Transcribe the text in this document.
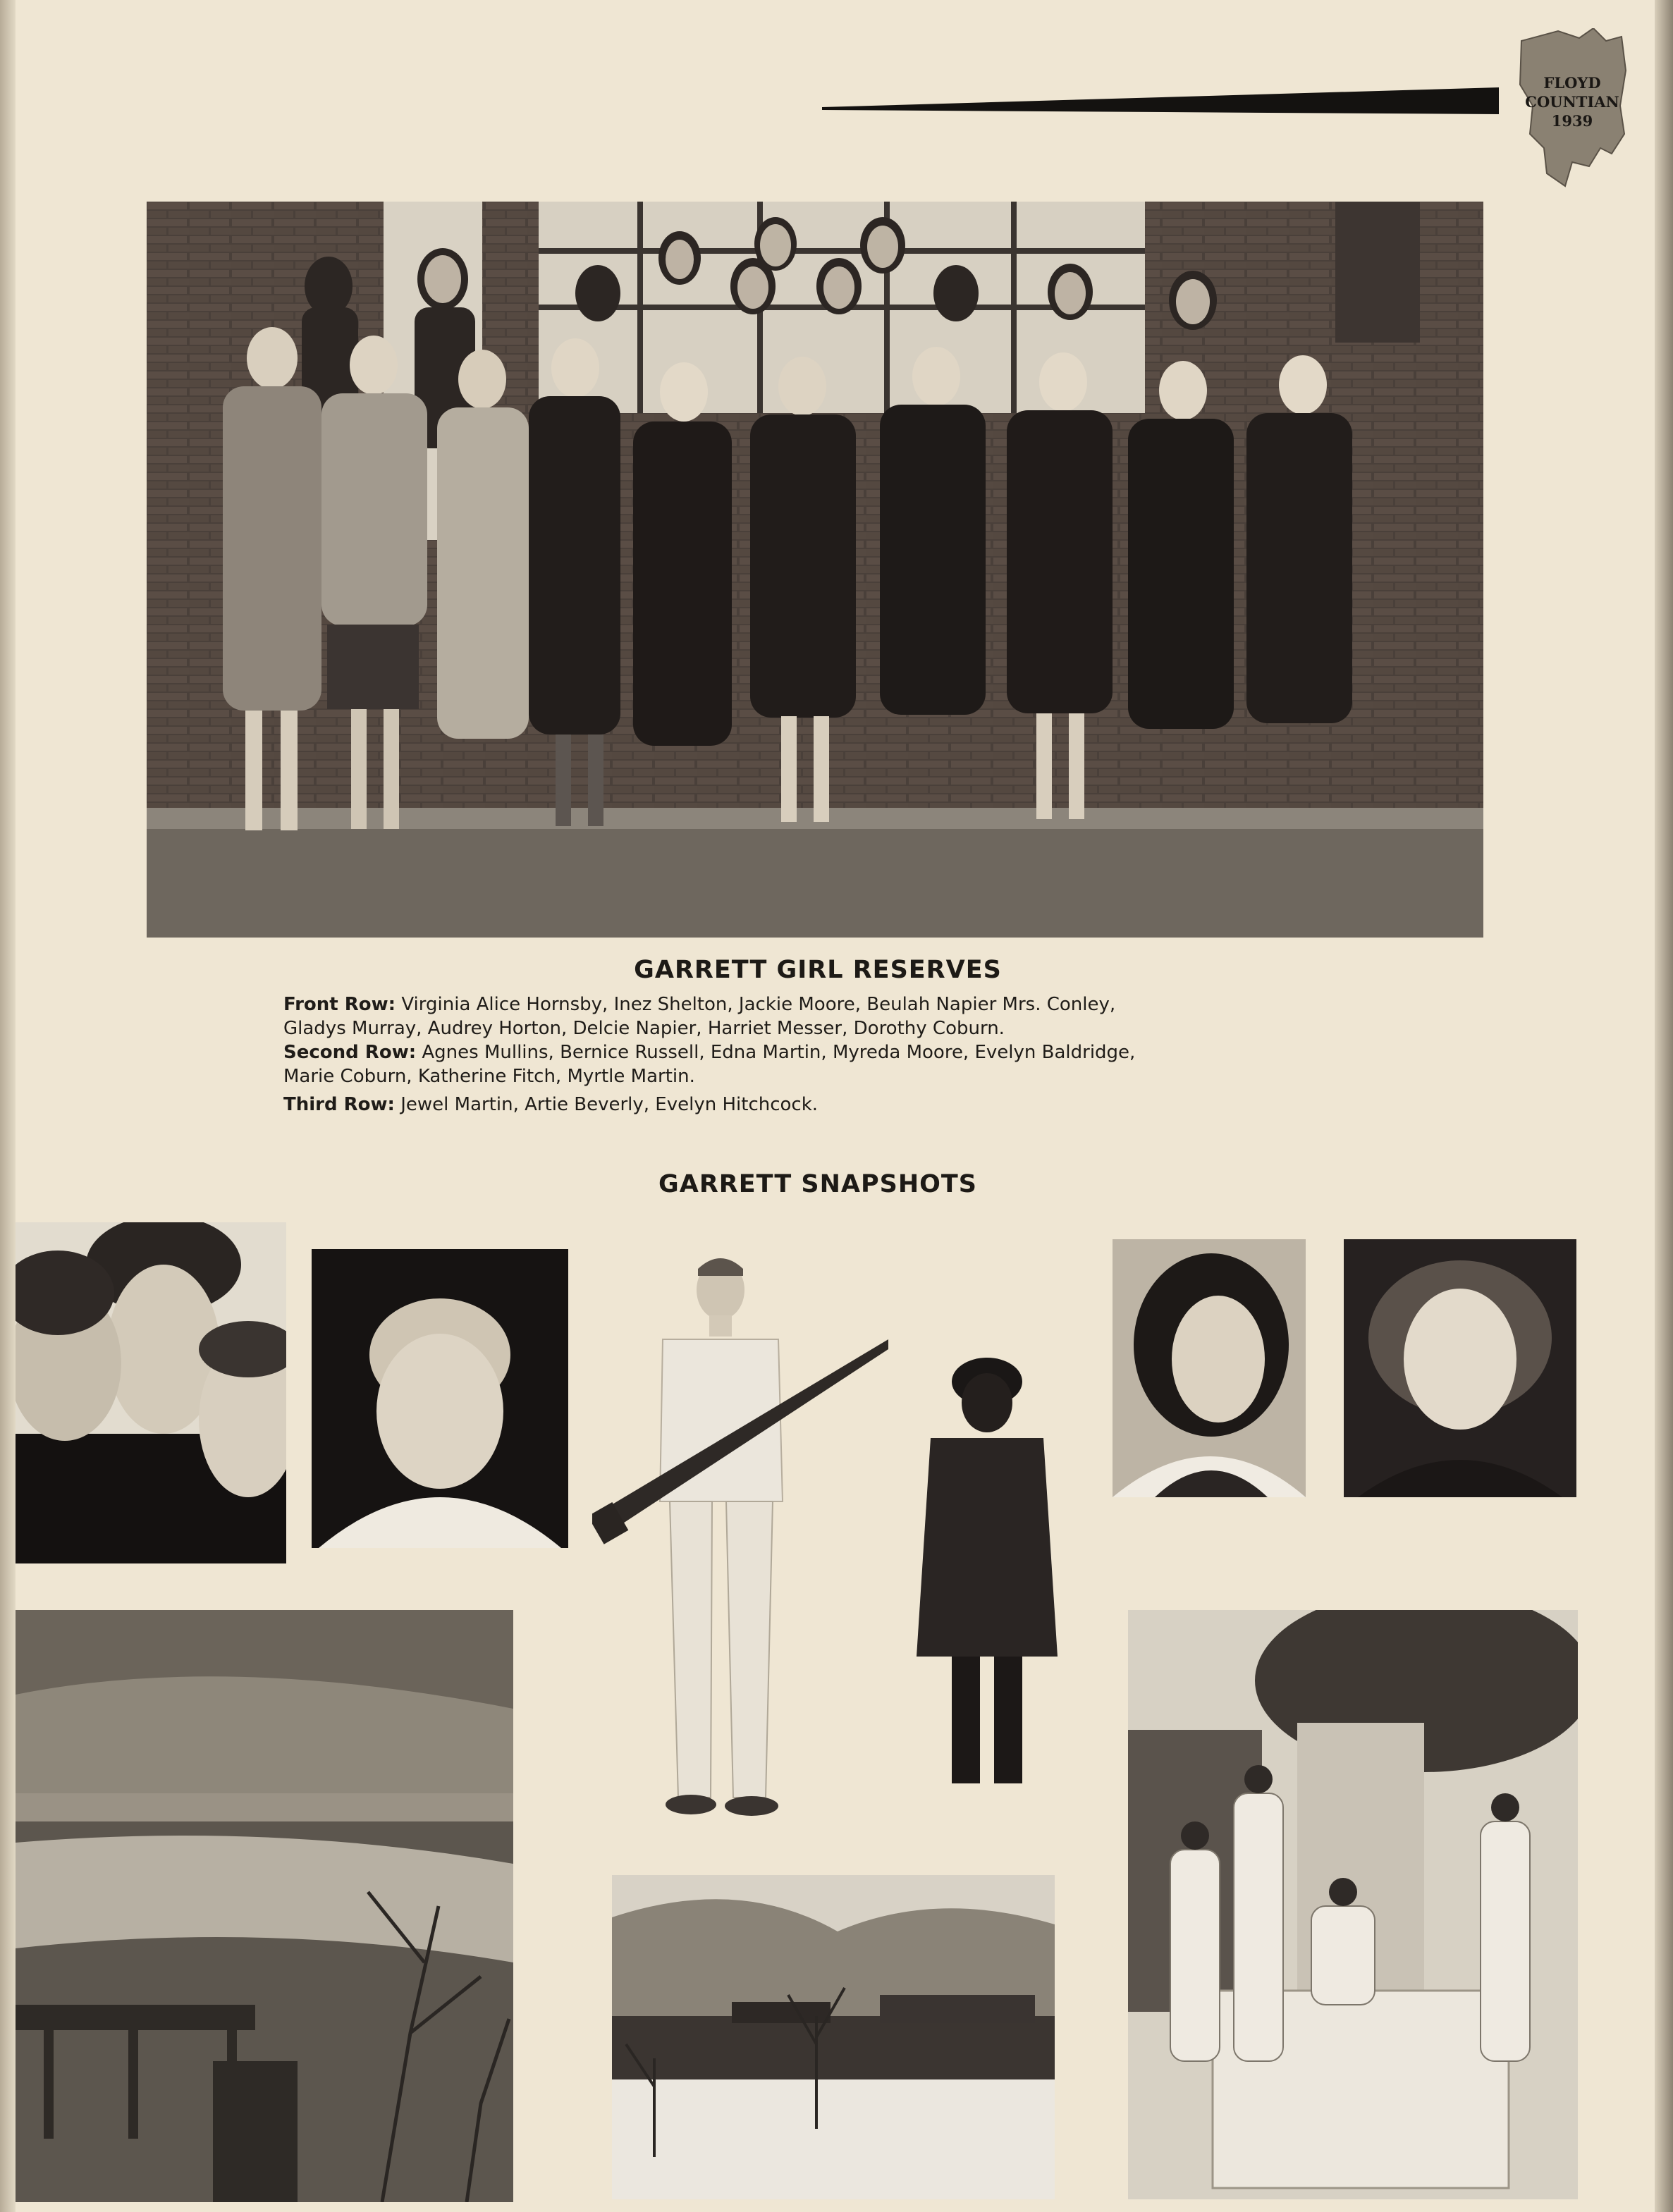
FLOYD
COUNTIAN
1939
GARRETT GIRL RESERVES
Front Row: Virginia Alice Hornsby, Inez Shelton, Jackie Moore, Beulah Napier Mrs. Conley,
Gladys Murray, Audrey Horton, Delcie Napier, Harriet Messer, Dorothy Coburn.
Second Row: Agnes Mullins, Bernice Russell, Edna Martin, Myreda Moore, Evelyn Baldridge,
Marie Coburn, Katherine Fitch, Myrtle Martin.
Third Row: Jewel Martin, Artie Beverly, Evelyn Hitchcock.
GARRETT SNAPSHOTS
